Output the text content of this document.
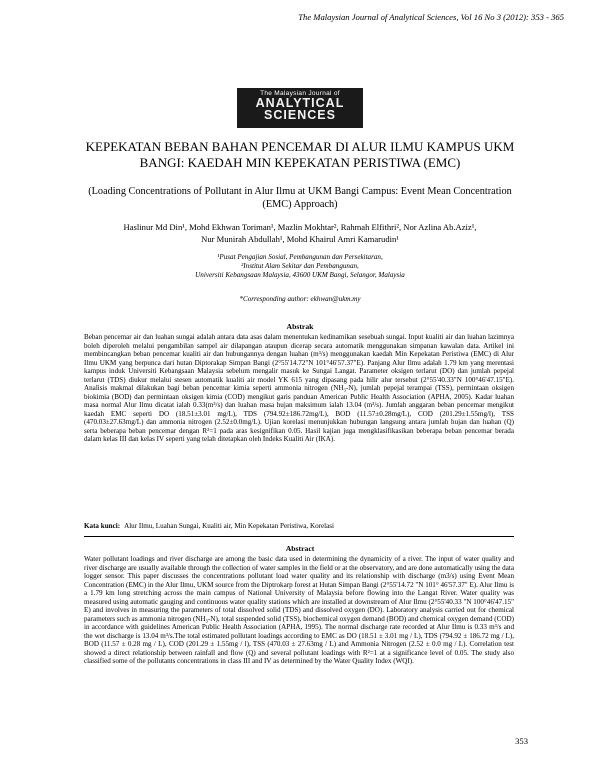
The Malaysian Journal of Analytical Sciences, Vol 16 No 3 (2012): 353 - 365
The Malaysian Journal of
ANALYTICAL
SCIENCES
KEPEKATAN BEBAN BAHAN PENCEMAR DI ALUR ILMU KAMPUS UKM
BANGI: KAEDAH MIN KEPEKATAN PERISTIWA (EMC)
(Loading Concentrations of Pollutant in Alur Ilmu at UKM Bangi Campus: Event Mean Concentration (EMC) Approach)
Haslinur Md Din¹, Mohd Ekhwan Toriman¹, Mazlin Mokhtar², Rahmah Elfithri², Nor Azlina Ab.Aziz¹,
Nur Munirah Abdullah¹, Mohd Khairul Amri Kamarudin¹
¹Pusat Pengajian Sosial, Pembangunan dan Persekitaran,
²Institut Alam Sekitar dan Pembangunan,
Universiti Kebangsaan Malaysia, 43600 UKM Bangi, Selangor, Malaysia
*Corresponding author: ekhwan@ukm.my
Abstrak
Beban pencemar air dan luahan sungai adalah antara data asas dalam menentukan kedinamikan sesebuah sungai. Input kualiti air dan luahan lazimnya boleh diperoleh melalui pengambilan sampel air dilapangan ataupun dicerap secara automatik menggunakan simpanan kawalan data. Artikel ini membincangkan beban pencemar kualiti air dan hubungannya dengan luahan (m³/s) menggunakan kaedah Min Kepekatan Peristiwa (EMC) di Alur Ilmu UKM yang berpunca dari hutan Diptorakap Simpan Bangi (2°55'14.72"N 101°46'57.37"E). Panjang Alur Ilmu adalah 1.79 km yang merentasi kampus induk Universiti Kebangsaan Malaysia sebelum mengalir masuk ke Sungai Langat. Parameter oksigen terlarut (DO) dan jumlah pepejal terlarut (TDS) diukur melalui stesen automatik kualiti air model YK 615 yang dipasang pada hilir alur tersebut (2°55'40.33"N 100°46'47.15"E). Analisis makmal dilakukan bagi beban pencemar kimia seperti ammonia nitrogen (NH₃-N), jumlah pepejal terampai (TSS), permintaan oksigen biokimia (BOD) dan permintaan oksigen kimia (COD) mengikut garis panduan American Public Health Association (APHA, 2005). Kadar luahan masa normal Alur Ilmu dicatat ialah 0.33(m³/s) dan luahan masa hujan maksimum ialah 13.04 (m³/s). Jumlah anggaran beban pencemar mengikut kaedah EMC seperti DO (18.51±3.01 mg/L), TDS (794.92±186.72mg/L), BOD (11.57±0.28mg/L), COD (201.29±1.55mg/l), TSS (470.03±27.63mg/L) dan ammonia nitrogen (2.52±0.0mg/L). Ujian korelasi menunjukkan hubungan langsung antara jumlah hujan dan luahan (Q) serta beberapa beban pencemar dengan R²=1 pada aras kesignifikan 0.05. Hasil kajian juga mengklasifikasikan beberapa beban pencemar berada dalam kelas III dan kelas IV seperti yang telah ditetapkan oleh Indeks Kualiti Air (IKA).
Kata kunci: Alur Ilmu, Luahan Sungai, Kualiti air, Min Kepekatan Peristiwa, Korelasi
Abstract
Water pollutant loadings and river discharge are among the basic data used in determining the dynamicity of a river. The input of water quality and river discharge are usually available through the collection of water samples in the field or at the observatory, and are done automatically using the data logger sensor. This paper discusses the concentrations pollutant load water quality and its relationship with discharge (m3/s) using Event Mean Concentration (EMC) in the Alur Ilmu, UKM source from the Diptrokarp forest at Hutan Simpan Bangi (2°55'14.72 "N 101° 46'57.37" E). Alur Ilmu is a 1.79 km long stretching across the main campus of National University of Malaysia before flowing into the Langat River. Water quality was measured using automatic gauging and continuous water quality stations which are installed at downstream of Alur Ilmu (2°55'40.33 "N 100°46'47.15" E) and involves in measuring the parameters of total dissolved solid (TDS) and dissolved oxygen (DO). Laboratory analysis carried out for chemical parameters such as ammonia nitrogen (NH₃-N), total suspended solid (TSS), biochemical oxygen demand (BOD) and chemical oxygen demand (COD) in accordance with guidelines American Public Health Association (APHA, 1995). The normal discharge rate recorded at Alur Ilmu is 0.33 m³/s and the wet discharge is 13.04 m³/s.The total estimated pollutant loadings according to EMC as DO (18.51 ± 3.01 mg / L), TDS (794.92 ± 186.72 mg / L), BOD (11.57 ± 0.28 mg / L), COD (201.29 ± 1.55mg / l), TSS (470.03 ± 27.63mg / L) and Ammonia Nitrogen (2.52 ± 0.0 mg / L). Correlation test showed a direct relationship between rainfall and flow (Q) and several pollutant loadings with R²=1 at a significance level of 0.05. The study also classified some of the pollutants concentrations in class III and IV as determined by the Water Quality Index (WQI).
353
